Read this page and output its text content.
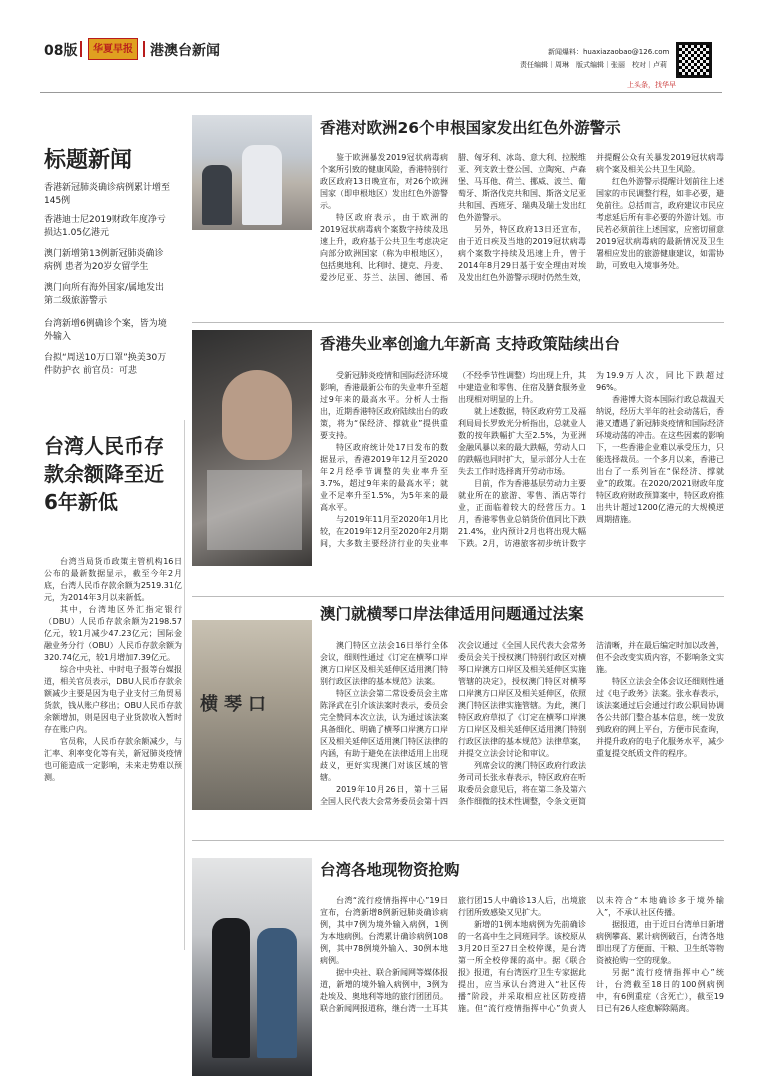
08版	华夏早报	港澳台新闻	新闻爆料：huaxiazaobao@126.com
责任编辑｜周琳　版式编辑｜张丽　校对｜卢莉
上头条，找华早
标题新闻
香港新冠肺炎确诊病例累计增至145例
香港迪士尼2019财政年度净亏损达1.05亿港元
澳门新增第13例新冠肺炎确诊病例 患者为20岁女留学生
澳门向所有海外国家/属地发出第二级旅游警示
台湾新增6例确诊个案，皆为境外输入
台拟“周送10万口罩”换美30万件防护衣 前官员：可悲
台湾人民币存款余额降至近6年新低

台湾当局货币政策主管机构16日公布的最新数据显示，截至今年2月底，台湾人民币存款余额为2519.31亿元，为2014年3月以来新低。

其中，台湾地区外汇指定银行（DBU）人民币存款余额为2198.57亿元，较1月减少47.23亿元；国际金融业务分行（OBU）人民币存款余额为320.74亿元，较1月增加7.39亿元。

综合中央社、中时电子报等台媒报道，相关官员表示，DBU人民币存款余额减少主要是因为电子业支付三角贸易货款，钱从账户移出；OBU人民币存款余额增加，则是因电子业货款收入暂时存在账户内。

官员称，人民币存款余额减少，与汇率、利率变化等有关，新冠肺炎疫情也可能造成一定影响，未来走势难以预测。

香港对欧洲26个申根国家发出红色外游警示

鉴于欧洲暴发2019冠状病毒病个案所引致的健康风险，香港特别行政区政府13日晚宣布，对26个欧洲国家（即申根地区）发出红色外游警示。

特区政府表示，由于欧洲的2019冠状病毒病个案数字持续及迅速上升，政府基于公共卫生考虑决定向部分欧洲国家（称为申根地区），包括奥地利、比利时、捷克、丹麦、爱沙尼亚、芬兰、法国、德国、希腊、匈牙利、冰岛、意大利、拉脱维亚、列支敦士登公国、立陶宛、卢森堡、马耳他、荷兰、挪威、波兰、葡萄牙、斯洛伐克共和国、斯洛文尼亚共和国、西班牙、瑞典及瑞士发出红色外游警示。

另外，特区政府13日还宣布，由于近日疾及当地的2019冠状病毒病个案数字持续及迅速上升，曾于2014年8月29日基于安全理由对埃及发出红色外游警示现时仍然生效，并提醒公众有关暴发2019冠状病毒病个案及相关公共卫生风险。

红色外游警示提醒计划前往上述国家的市民调整行程，如非必要，避免前往。总括而言，政府建议市民应考虑延后所有非必要的外游计划。市民若必须前往上述国家，应密切留意2019冠状病毒病的最新情况及卫生署相应发出的旅游健康建议，如需协助，可致电入境事务处。

香港失业率创逾九年新高 支持政策陆续出台

受新冠肺炎疫情和国际经济环境影响，香港最新公布的失业率升至超过9年来的最高水平。分析人士指出，近期香港特区政府陆续出台的政策，将为“保经济、撑就业”提供重要支持。

特区政府统计处17日发布的数据显示，香港2019年12月至2020年2月经季节调整的失业率升至3.7%，超过9年来的最高水平；就业不足率升至1.5%，为5年来的最高水平。

与2019年11月至2020年1月比较，在2019年12月至2020年2月期间，大多数主要经济行业的失业率（不经季节性调整）均出现上升，其中建造业和零售、住宿及膳食服务业出现相对明显的上升。

就上述数据，特区政府劳工及福利局局长罗致光分析指出，总就业人数的按年跌幅扩大至2.5%，为亚洲金融风暴以来的最大跌幅，劳动人口的跌幅也同时扩大，显示部分人士在失去工作时选择离开劳动市场。

目前，作为香港基层劳动力主要就业所在的旅游、零售、酒店等行业，正面临着较大的经营压力。1月，香港零售业总销货价值同比下跌21.4%，业内预计2月也将出现大幅下跌。2月，访港旅客初步统计数字为19.9万人次，同比下跌超过96%。

香港博大资本国际行政总裁温天纳说，经历大半年的社会动荡后，香港又遭遇了新冠肺炎疫情和国际经济环境动荡的冲击。在这些因素的影响下，一些香港企业难以承受压力，只能选择裁员。一个多月以来，香港已出台了一系列旨在“保经济、撑就业”的政策。在2020/2021财政年度特区政府财政预算案中，特区政府推出共计超过1200亿港元的大规模逆周期措施。

横琴口
澳门就横琴口岸法律适用问题通过法案

澳门特区立法会16日举行全体会议，细则性通过《订定在横琴口岸澳方口岸区及相关延伸区适用澳门特别行政区法律的基本规范》法案。

特区立法会第二常设委员会主席陈泽武在引介该法案时表示，委员会完全赞同本次立法，认为通过该法案具备细化、明确了横琴口岸澳方口岸区及相关延伸区适用澳门特区法律的内涵，有助于避免在法律适用上出现歧义，更好实现澳门对该区域的管辖。

2019年10月26日，第十三届全国人民代表大会常务委员会第十四次会议通过《全国人民代表大会常务委员会关于授权澳门特别行政区对横琴口岸澳方口岸区及相关延伸区实施管辖的决定》，授权澳门特区对横琴口岸澳方口岸区及相关延伸区，依照澳门特区法律实施管辖。为此，澳门特区政府草拟了《订定在横琴口岸澳方口岸区及相关延伸区适用澳门特别行政区法律的基本规范》法律草案，并提交立法会讨论和审议。

列席会议的澳门特区政府行政法务司司长张永春表示，特区政府在听取委员会意见后，将在第二条及第六条作细微的技术性调整，令条文更简洁清晰，并在最后编定时加以改善，但不会改变实质内容，不影响条文实施。

特区立法会全体会议还细则性通过《电子政务》法案。张永春表示，该法案通过后会通过行政公职局协调各公共部门整合基本信息，统一发放到政府的网上平台，方便市民查询，并提升政府的电子化服务水平，减少重复提交纸质文件的程序。

台湾各地现物资抢购

台湾“流行疫情指挥中心”19日宣布，台湾新增8例新冠肺炎确诊病例，其中7例为境外输入病例，1例为本地病例。台湾累计确诊病例108例，其中78例境外输入、30例本地病例。

据中央社、联合新闻网等媒体报道，新增的境外输入病例中，3例为赴埃及、奥地利等地的旅行团团员。联合新闻网报道称，继台湾一土耳其旅行团15人中确诊13人后，出境旅行团所致感染又见扩大。

新增的1例本地病例为先前确诊的一名高中生之同班同学。该校原从3月20日至27日全校停课，是台湾第一所全校停课的高中。据《联合报》报道，有台湾医疗卫生专家据此提出，应当承认台湾进入“社区传播”阶段，并采取相应社区防疫措施。但“流行疫情指挥中心”负责人以未符合“本地确诊多于境外输入”，不承认社区传播。

据报道，由于近日台湾单日新增病例攀高、累计病例破百，台湾各地即出现了方便面、干粮、卫生纸等物资被抢购一空的现象。

另据“流行疫情指挥中心”统计，台湾截至18日的100例病例中，有6例重症（含死亡），截至19日已有26人痊愈解除隔离。
